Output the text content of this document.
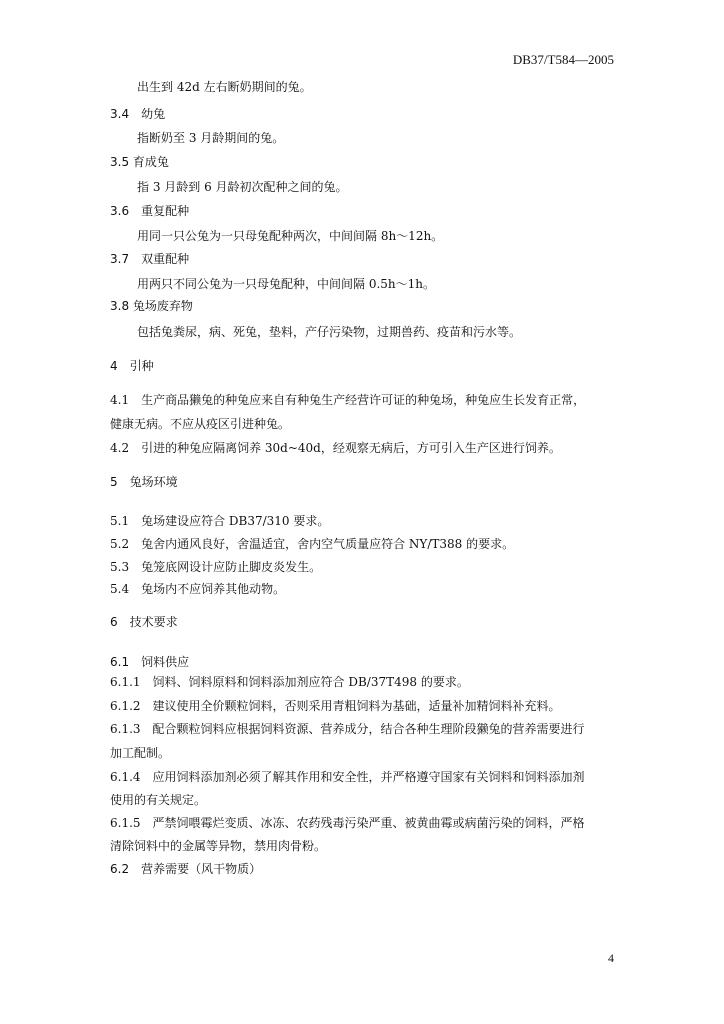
DB37/T584—2005
出生到 42d 左右断奶期间的兔。
3.4　幼兔
指断奶至 3 月龄期间的兔。
3.5 育成兔
指 3 月龄到 6 月龄初次配种之间的兔。
3.6　重复配种
用同一只公兔为一只母兔配种两次，中间间隔 8h～12h。
3.7　双重配种
用两只不同公兔为一只母兔配种，中间间隔 0.5h～1h。
3.8 兔场废弃物
包括兔粪尿，病、死兔，垫料，产仔污染物，过期兽药、疫苗和污水等。
4　引种
4.1　生产商品獭兔的种兔应来自有种兔生产经营许可证的种兔场，种兔应生长发育正常，
健康无病。不应从疫区引进种兔。
4.2　引进的种兔应隔离饲养 30d~40d，经观察无病后，方可引入生产区进行饲养。
5　兔场环境
5.1　兔场建设应符合 DB37/310 要求。
5.2　兔舍内通风良好，舍温适宜，舍内空气质量应符合 NY/T388 的要求。
5.3　兔笼底网设计应防止脚皮炎发生。
5.4　兔场内不应饲养其他动物。
6　技术要求
6.1　饲料供应
6.1.1　饲料、饲料原料和饲料添加剂应符合 DB/37T498 的要求。
6.1.2　建议使用全价颗粒饲料，否则采用青粗饲料为基础，适量补加精饲料补充料。
6.1.3　配合颗粒饲料应根据饲料资源、营养成分，结合各种生理阶段獭兔的营养需要进行
加工配制。
6.1.4　应用饲料添加剂必须了解其作用和安全性，并严格遵守国家有关饲料和饲料添加剂
使用的有关规定。
6.1.5　严禁饲喂霉烂变质、冰冻、农药残毒污染严重、被黄曲霉或病菌污染的饲料，严格
清除饲料中的金属等异物，禁用肉骨粉。
6.2　营养需要（风干物质）
4
